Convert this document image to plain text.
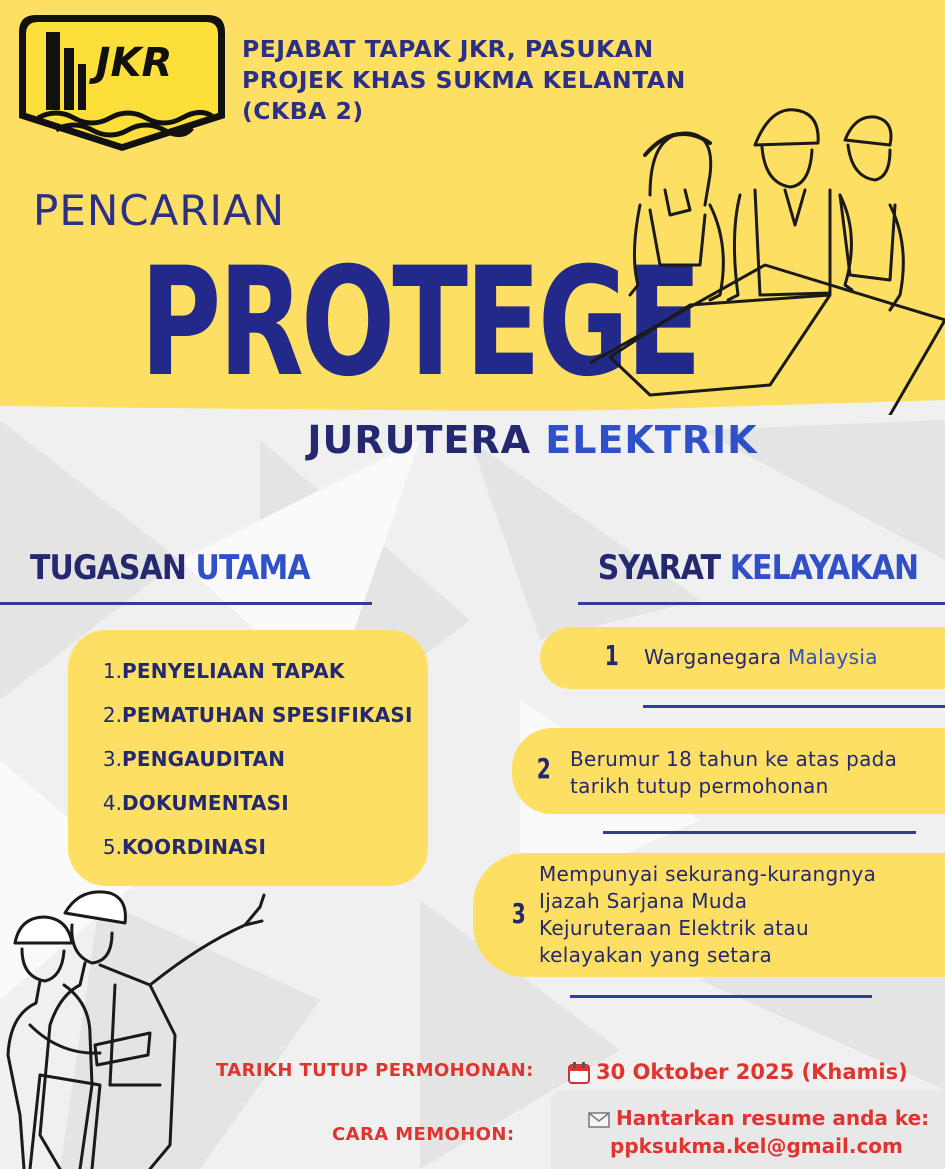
JKR	PEJABAT TAPAK JKR, PASUKAN
PROJEK KHAS SUKMA KELANTAN
(CKBA 2)
PENCARIAN
PROTEGE
JURUTERA ELEKTRIK
TUGASAN UTAMA	SYARAT KELAYAKAN
1. PENYELIAAN TAPAK
2. PEMATUHAN SPESIFIKASI
3. PENGAUDITAN
4. DOKUMENTASI
5. KOORDINASI
1 Warganegara Malaysia
2 Berumur 18 tahun ke atas pada
tarikh tutup permohonan
3
Mempunyai sekurang-kurangnya
Ijazah Sarjana Muda
Kejuruteraan Elektrik atau
kelayakan yang setara
TARIKH TUTUP PERMOHONAN:	30 Oktober 2025 (Khamis)
CARA MEMOHON:
Hantarkan resume anda ke:
ppksukma.kel@gmail.com
